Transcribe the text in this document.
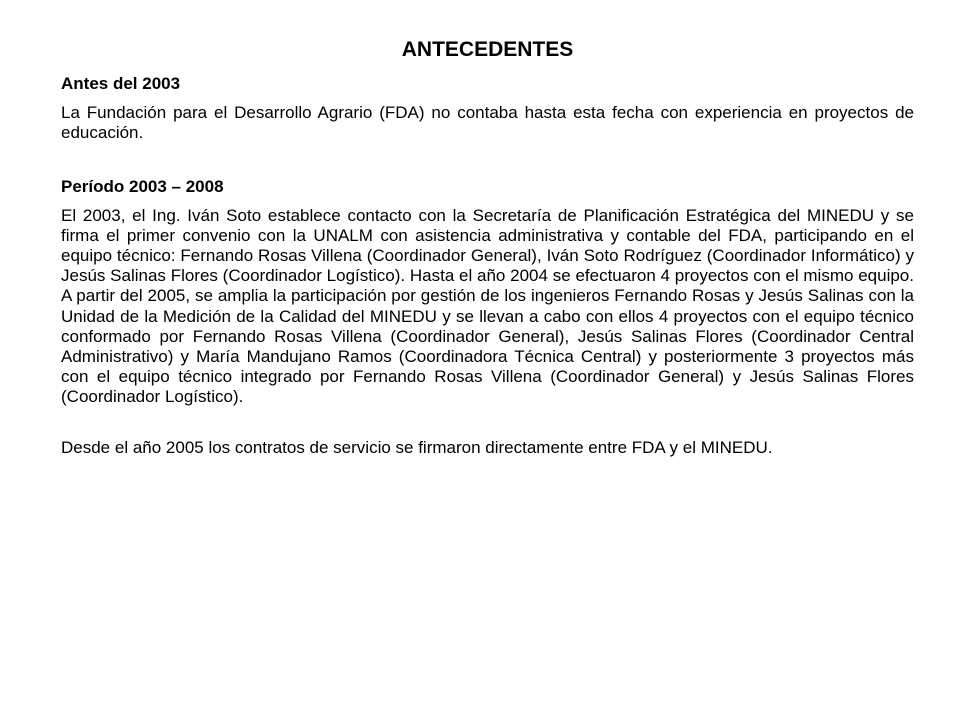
ANTECEDENTES
Antes del 2003

La Fundación para el Desarrollo Agrario (FDA) no contaba hasta esta fecha con experiencia en proyectos de educación.

Período 2003 – 2008

El 2003, el Ing. Iván Soto establece contacto con la Secretaría de Planificación Estratégica del MINEDU y se firma el primer convenio con la UNALM con asistencia administrativa y contable del FDA, participando en el equipo técnico: Fernando Rosas Villena (Coordinador General), Iván Soto Rodríguez (Coordinador Informático) y Jesús Salinas Flores (Coordinador Logístico). Hasta el año 2004 se efectuaron 4 proyectos con el mismo equipo. A partir del 2005, se amplia la participación por gestión de los ingenieros Fernando Rosas y Jesús Salinas con la Unidad de la Medición de la Calidad del MINEDU y se llevan a cabo con ellos 4 proyectos con el equipo técnico conformado por Fernando Rosas Villena (Coordinador General), Jesús Salinas Flores (Coordinador Central Administrativo) y María Mandujano Ramos (Coordinadora Técnica Central) y posteriormente 3 proyectos más con el equipo técnico integrado por Fernando Rosas Villena (Coordinador General) y Jesús Salinas Flores (Coordinador Logístico).

Desde el año 2005 los contratos de servicio se firmaron directamente entre FDA y el MINEDU.
